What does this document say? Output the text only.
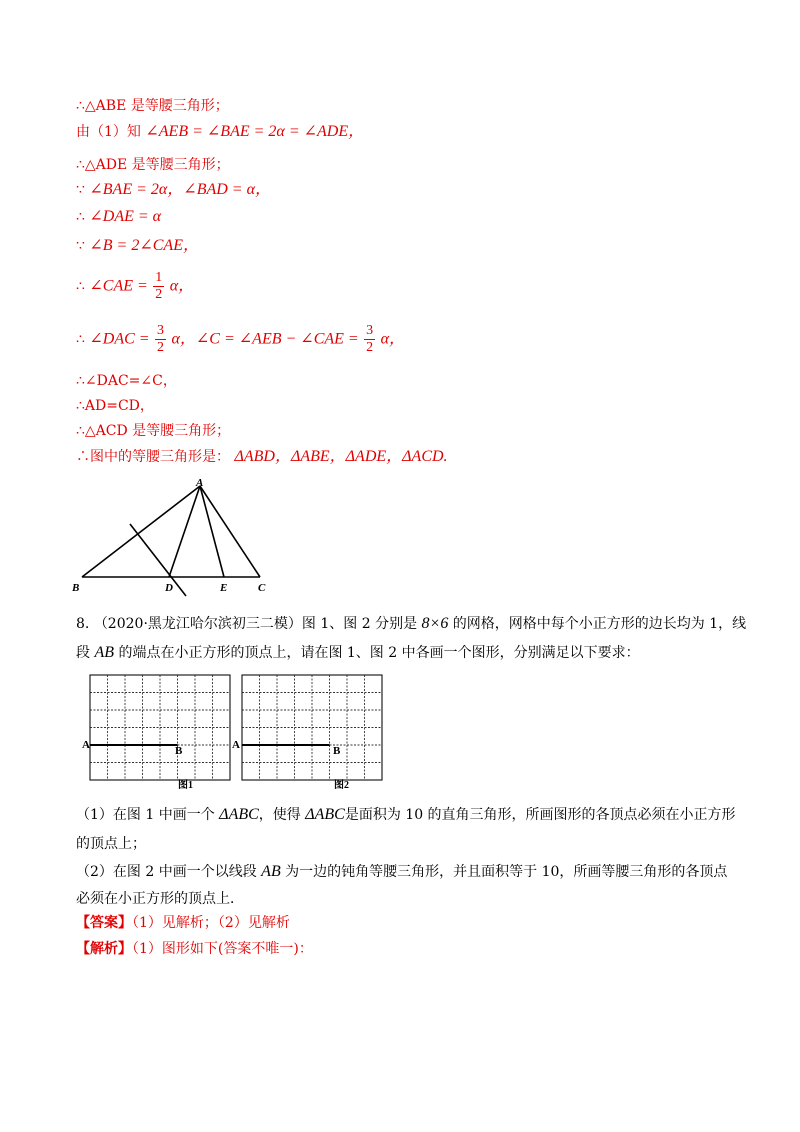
∴△ABE 是等腰三角形；
由（1）知 ∠AEB = ∠BAE = 2α = ∠ADE，
∴△ADE 是等腰三角形；
∵ ∠BAE = 2α，∠BAD = α，
∴ ∠DAE = α
∵ ∠B = 2∠CAE，
∴ ∠CAE = $\frac{1}{2}$ α，
∴ ∠DAC = $\frac{3}{2}$ α，∠C = ∠AEB − ∠CAE = $\frac{3}{2}$ α，
∴∠DAC=∠C，
∴AD=CD，
∴△ACD 是等腰三角形；
∴图中的等腰三角形是： ΔABD，ΔABE，ΔADE，ΔACD.
A
B	D	E	C
8. （2020·黑龙江哈尔滨初三二模）图 1、图 2 分别是 8×6 的网格，网格中每个小正方形的边长均为 1，线
段 AB 的端点在小正方形的顶点上，请在图 1、图 2 中各画一个图形，分别满足以下要求：
A	B
图1
A	B
图2
（1）在图 1 中画一个 ΔABC，使得 ΔABC是面积为 10 的直角三角形，所画图形的各顶点必须在小正方形
的顶点上；
（2）在图 2 中画一个以线段 AB 为一边的钝角等腰三角形，并且面积等于 10，所画等腰三角形的各顶点
必须在小正方形的顶点上．
【答案】（1）见解析；（2）见解析
【解析】（1）图形如下(答案不唯一)：
